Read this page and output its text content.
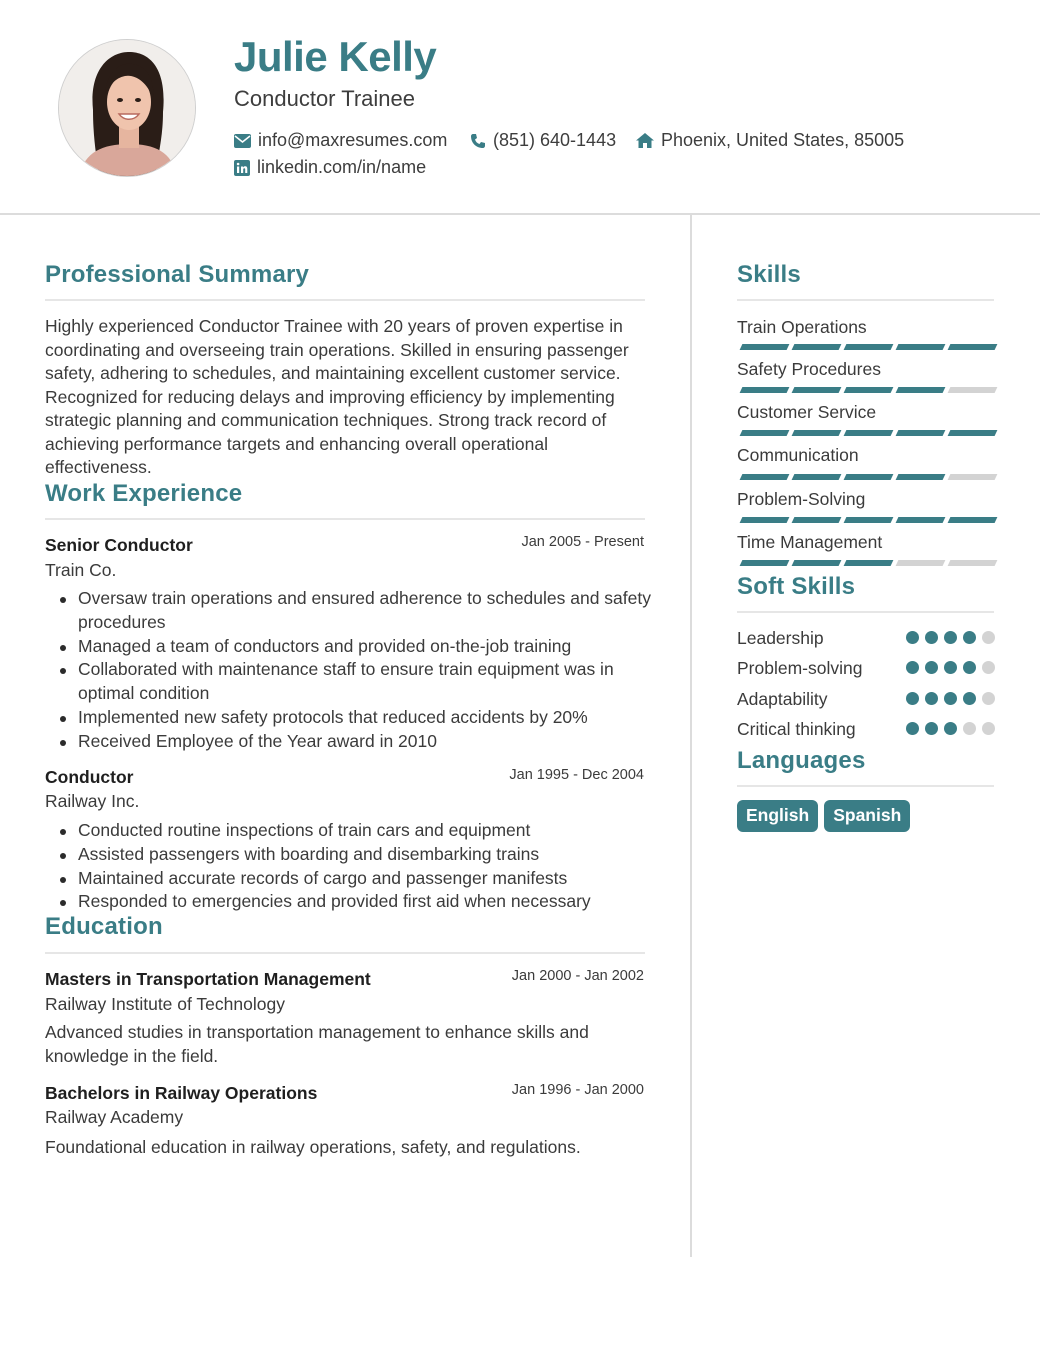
Julie Kelly
Conductor Trainee
info@maxresumes.com	(851) 640-1443 Phoenix, United States, 85005
linkedin.com/in/name
Professional Summary
Highly experienced Conductor Trainee with 20 years of proven expertise in coordinating and overseeing train operations. Skilled in ensuring passenger safety, adhering to schedules, and maintaining excellent customer service. Recognized for reducing delays and improving efficiency by implementing strategic planning and communication techniques. Strong track record of achieving performance targets and enhancing overall operational effectiveness.
Work Experience
Senior Conductor	Jan 2005 - Present
Train Co.
Oversaw train operations and ensured adherence to schedules and safety procedures
Managed a team of conductors and provided on-the-job training
Collaborated with maintenance staff to ensure train equipment was in optimal condition
Implemented new safety protocols that reduced accidents by 20%
Received Employee of the Year award in 2010
Conductor	Jan 1995 - Dec 2004
Railway Inc.
Conducted routine inspections of train cars and equipment
Assisted passengers with boarding and disembarking trains
Maintained accurate records of cargo and passenger manifests
Responded to emergencies and provided first aid when necessary
Education
Masters in Transportation Management	Jan 2000 - Jan 2002
Railway Institute of Technology
Advanced studies in transportation management to enhance skills and knowledge in the field.
Bachelors in Railway Operations	Jan 1996 - Jan 2000
Railway Academy
Foundational education in railway operations, safety, and regulations.
Skills
Train Operations
Safety Procedures
Customer Service
Communication
Problem-Solving
Time Management
Soft Skills
Leadership
Problem-solving
Adaptability
Critical thinking
Languages
English	Spanish
